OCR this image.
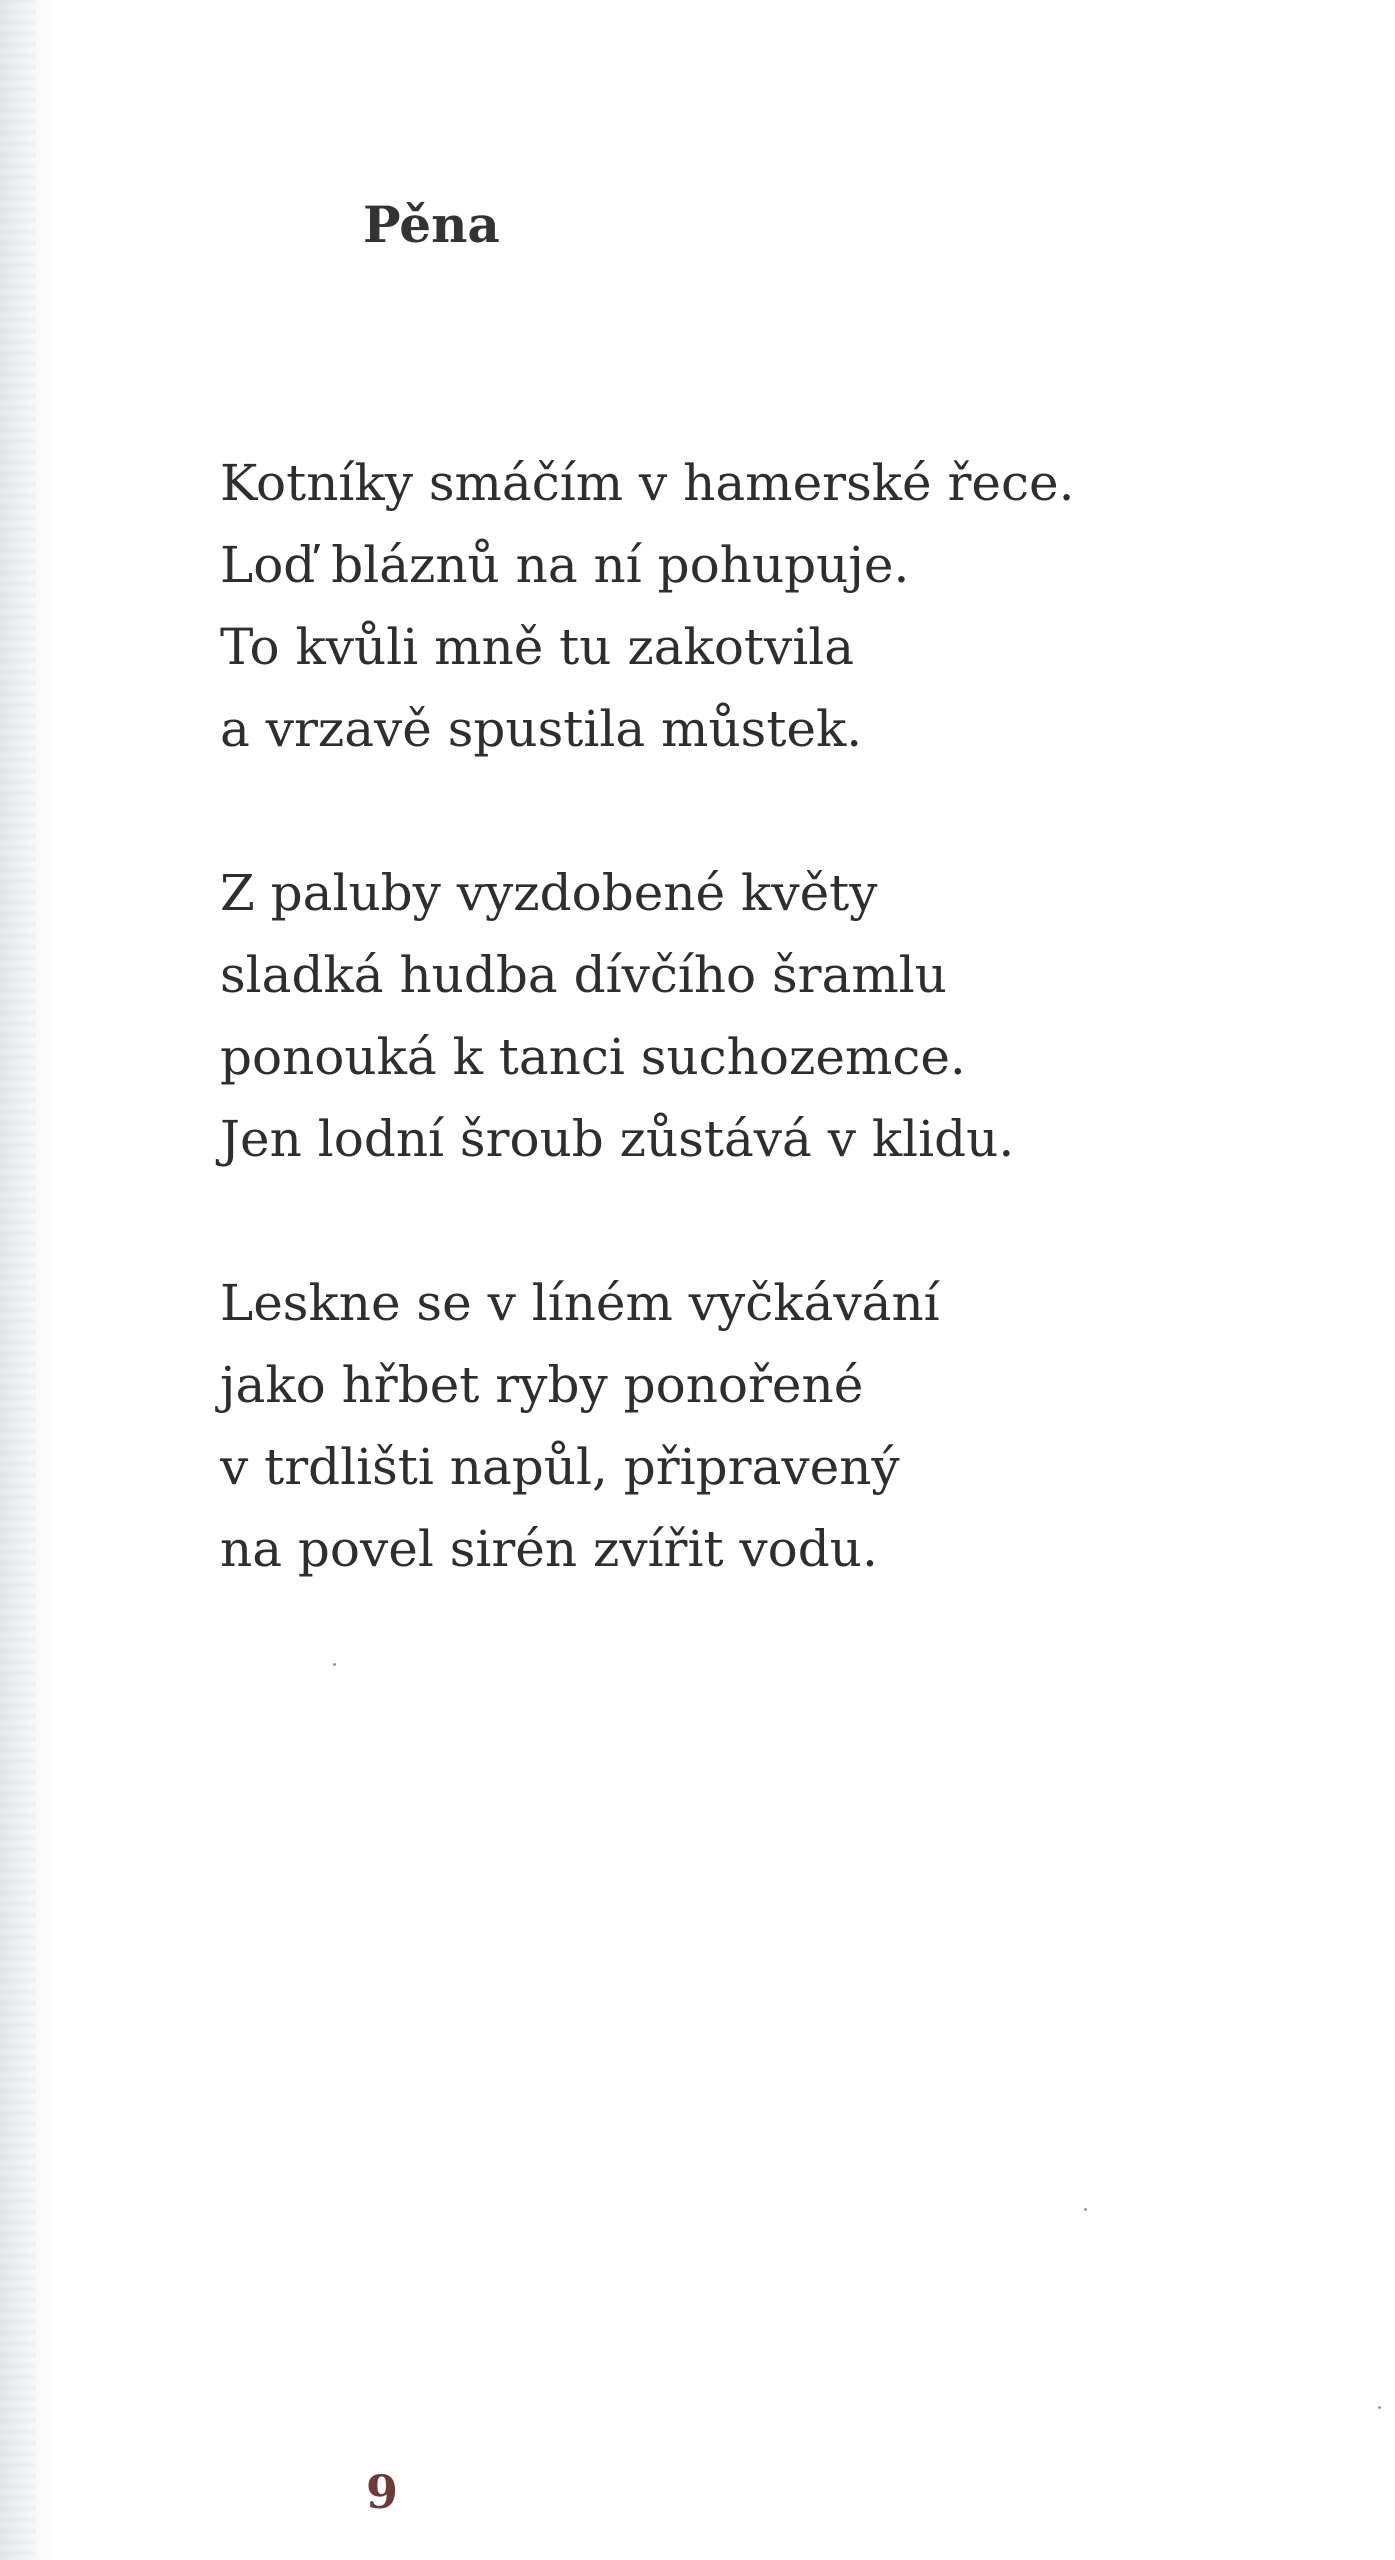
Pěna

Kotníky smáčím v hamerské řece.
Loď bláznů na ní pohupuje.
To kvůli mně tu zakotvila
a vrzavě spustila můstek.

Z paluby vyzdobené květy
sladká hudba dívčího šramlu
ponouká k tanci suchozemce.
Jen lodní šroub zůstává v klidu.

Leskne se v líném vyčkávání
jako hřbet ryby ponořené
v trdlišti napůl, připravený
na povel sirén zvířit vodu.

9
